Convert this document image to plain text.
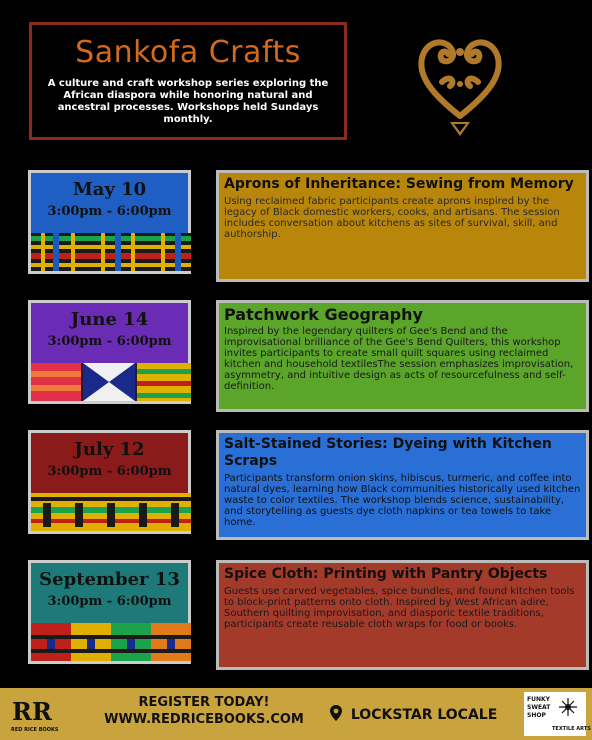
Sankofa Crafts

A culture and craft workshop series exploring the African diaspora while honoring natural and ancestral processes. Workshops held Sundays monthly.

May 10
3:00pm - 6:00pm
Aprons of Inheritance: Sewing from Memory

Using reclaimed fabric participants create aprons inspired by the legacy of Black domestic workers, cooks, and artisans. The session includes conversation about kitchens as sites of survival, skill, and authorship.

June 14
3:00pm - 6:00pm
Patchwork Geography

Inspired by the legendary quilters of Gee's Bend and the improvisational brilliance of the Gee's Bend Quilters, this workshop invites participants to create small quilt squares using reclaimed kitchen and household textilesThe session emphasizes improvisation, asymmetry, and intuitive design as acts of resourcefulness and self-definition.

July 12
3:00pm - 6:00pm
Salt-Stained Stories: Dyeing with Kitchen Scraps

Participants transform onion skins, hibiscus, turmeric, and coffee into natural dyes, learning how Black communities historically used kitchen waste to color textiles. The workshop blends science, sustainability, and storytelling as guests dye cloth napkins or tea towels to take home.

September 13
3:00pm - 6:00pm
Spice Cloth: Printing with Pantry Objects

Guests use carved vegetables, spice bundles, and found kitchen tools to block-print patterns onto cloth. Inspired by West African adire, Southern quilting improvisation, and diasporic textile traditions, participants create reusable cloth wraps for food or books.

RR
RED RICE BOOKS
REGISTER TODAY!
WWW.REDRICEBOOKS.COM	LOCKSTAR LOCALE
FUNKY
SWEAT
SHOP
TEXTILE ARTS
